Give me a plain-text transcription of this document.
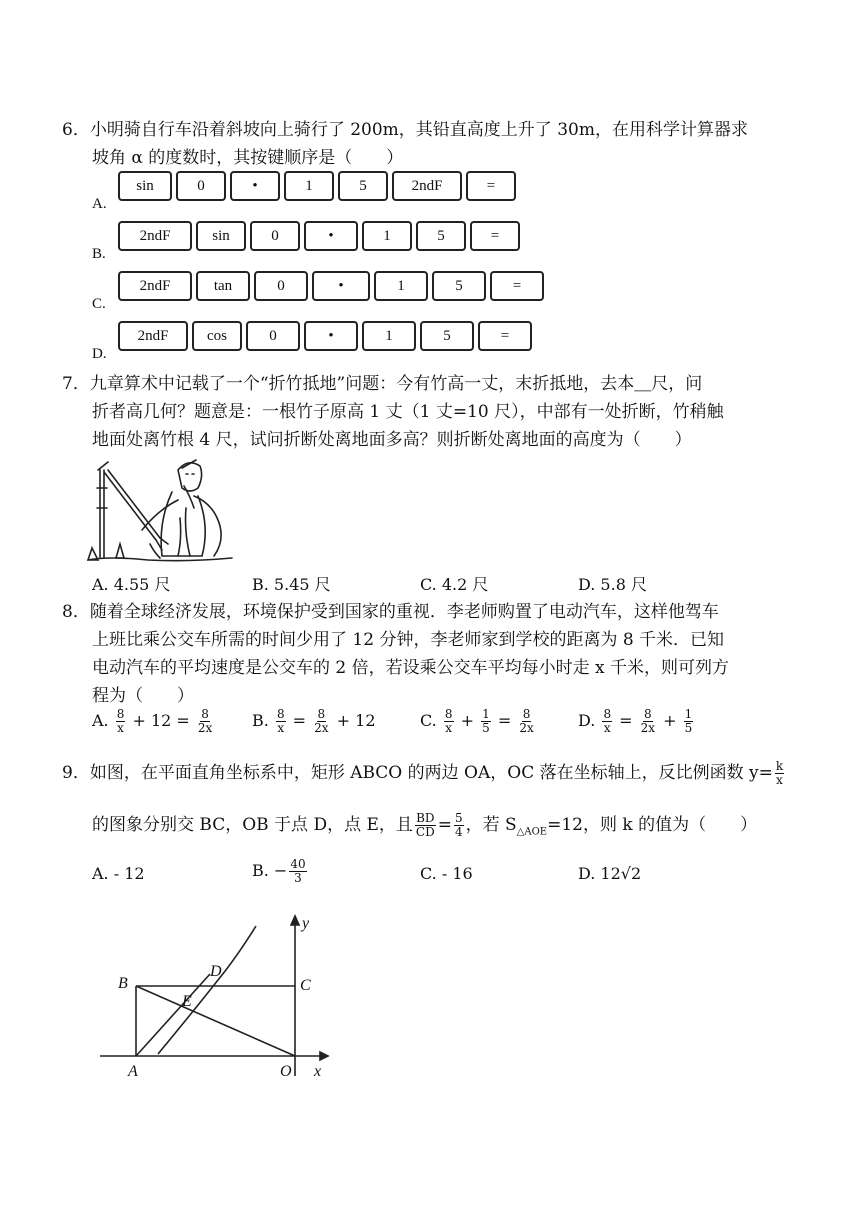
6．小明骑自行车沿着斜坡向上骑行了 200m，其铅直高度上升了 30m，在用科学计算器求
坡角 α 的度数时，其按键顺序是（　　）
A.
sin	0	•	1	5	2ndF	=
B.
2ndF	sin	0	•	1	5	=
C.
2ndF	tan	0	•	1	5	=
D.
2ndF	cos	0	•	1	5	=
7．九章算术中记载了一个“折竹抵地”问题：今有竹高一丈，末折抵地，去本＿尺，问
折者高几何？题意是：一根竹子原高 1 丈（1 丈=10 尺），中部有一处折断，竹稍触
地面处离竹根 4 尺，试问折断处离地面多高？则折断处离地面的高度为（　　）
A. 4.55 尺	B. 5.45 尺	C. 4.2 尺	D. 5.8 尺
8．随着全球经济发展，环境保护受到国家的重视．李老师购置了电动汽车，这样他驾车
上班比乘公交车所需的时间少用了 12 分钟，李老师家到学校的距离为 8 千米．已知
电动汽车的平均速度是公交车的 2 倍，若设乘公交车平均每小时走 x 千米，则可列方
程为（　　）
A. $\frac{8}{x} + 12 = \frac{8}{2x} B$. $\frac{8}{x} = \frac{8}{2x} + 12$	C. $\frac{8}{x} + \frac{1}{5} = \frac{8}{2x}$	D. $\frac{8}{x} = \frac{8}{2x} + \frac{1}{5}$
9．如图，在平面直角坐标系中，矩形 ABCO 的两边 OA，OC 落在坐标轴上，反比例函数 $y= \frac{k}{x}$
的图象分别交 BC，OB 于点 D，点 E，且 $\frac{BD}{CD} = \frac{5}{4}$ ，若 $S_{\triangle AOE}=12$，则 k 的值为（　　）
A. - 12	B. − $\frac{40}{3}$	C. - 16	D. 12√2
B	C
D
E
A	O x
y
